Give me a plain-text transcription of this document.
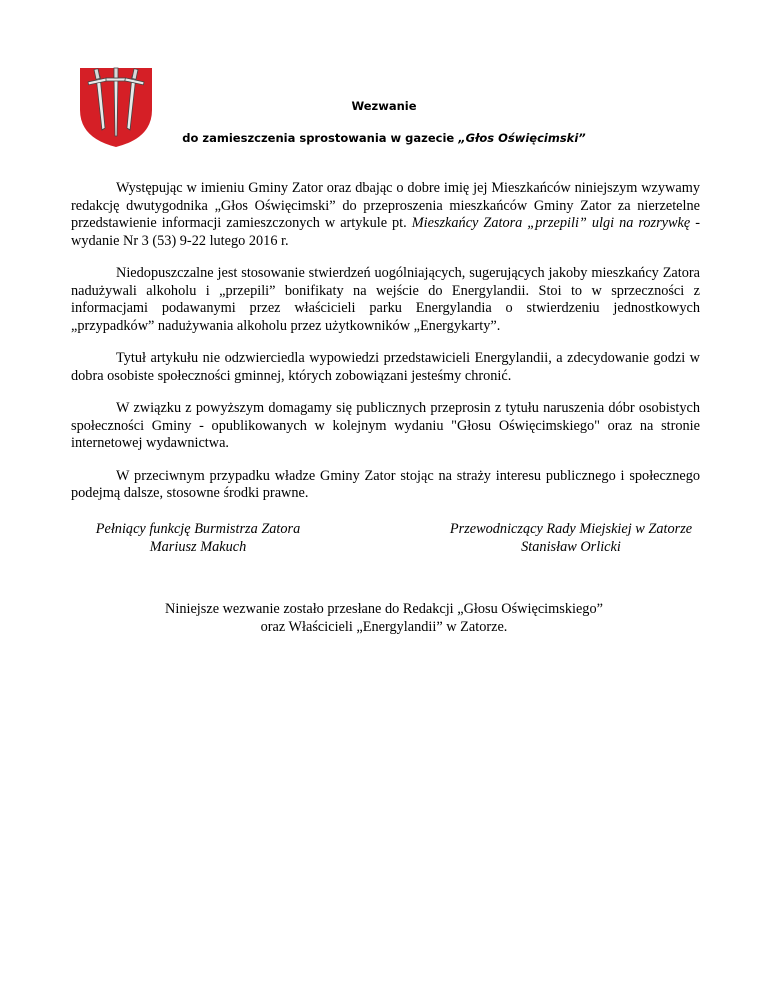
Wezwanie
do zamieszczenia sprostowania w gazecie „Głos Oświęcimski”

Występując w imieniu Gminy Zator oraz dbając o dobre imię jej Mieszkańców niniejszym wzywamy redakcję dwutygodnika „Głos Oświęcimski” do przeproszenia mieszkańców Gminy Zator za nierzetelne przedstawienie informacji zamieszczonych w artykule pt. Mieszkańcy Zatora „przepili” ulgi na rozrywkę - wydanie Nr 3 (53) 9-22 lutego 2016 r.

Niedopuszczalne jest stosowanie stwierdzeń uogólniających, sugerujących jakoby mieszkańcy Zatora nadużywali alkoholu i „przepili” bonifikaty na wejście do Energylandii. Stoi to w sprzeczności z informacjami podawanymi przez właścicieli parku Energylandia o stwierdzeniu jednostkowych „przypadków” nadużywania alkoholu przez użytkowników „Energykarty”.

Tytuł artykułu nie odzwierciedla wypowiedzi przedstawicieli Energylandii, a zdecydowanie godzi w dobra osobiste społeczności gminnej, których zobowiązani jesteśmy chronić.

W związku z powyższym domagamy się publicznych przeprosin z tytułu naruszenia dóbr osobistych społeczności Gminy - opublikowanych w kolejnym wydaniu "Głosu Oświęcimskiego" oraz na stronie internetowej wydawnictwa.

W przeciwnym przypadku władze Gminy Zator stojąc na straży interesu publicznego i społecznego podejmą dalsze, stosowne środki prawne.

Pełniący funkcję Burmistrza Zatora
Mariusz Makuch
Przewodniczący Rady Miejskiej w Zatorze
Stanisław Orlicki
Niniejsze wezwanie zostało przesłane do Redakcji „Głosu Oświęcimskiego”
oraz Właścicieli „Energylandii” w Zatorze.
